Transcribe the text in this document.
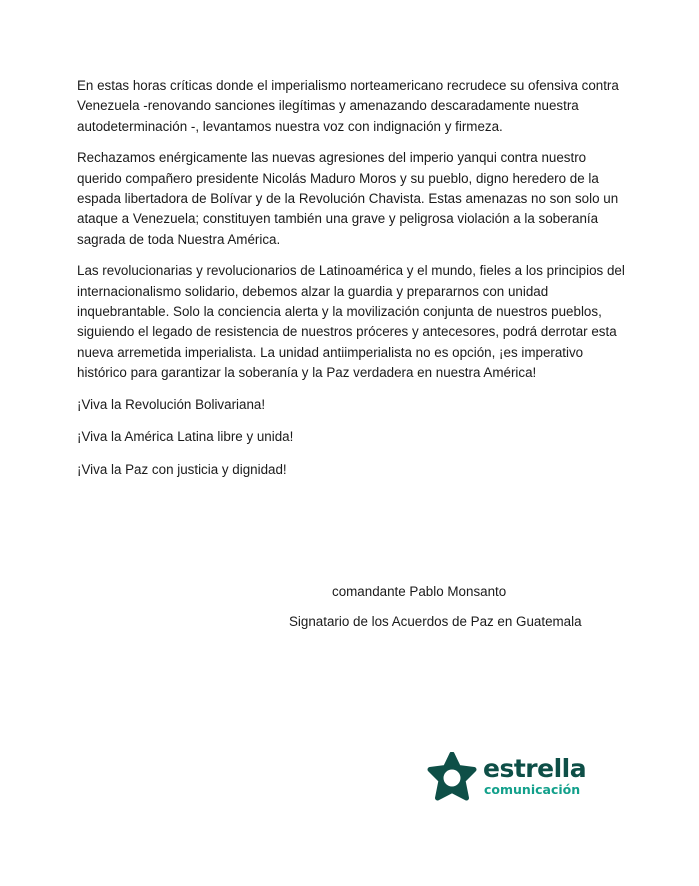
En estas horas críticas donde el imperialismo norteamericano recrudece su ofensiva contra Venezuela -renovando sanciones ilegítimas y amenazando descaradamente nuestra autodeterminación -, levantamos nuestra voz con indignación y firmeza.

Rechazamos enérgicamente las nuevas agresiones del imperio yanqui contra nuestro querido compañero presidente Nicolás Maduro Moros y su pueblo, digno heredero de la espada libertadora de Bolívar y de la Revolución Chavista. Estas amenazas no son solo un ataque a Venezuela; constituyen también una grave y peligrosa violación a la soberanía sagrada de toda Nuestra América.

Las revolucionarias y revolucionarios de Latinoamérica y el mundo, fieles a los principios del internacionalismo solidario, debemos alzar la guardia y prepararnos con unidad inquebrantable. Solo la conciencia alerta y la movilización conjunta de nuestros pueblos, siguiendo el legado de resistencia de nuestros próceres y antecesores, podrá derrotar esta nueva arremetida imperialista. La unidad antiimperialista no es opción, ¡es imperativo histórico para garantizar la soberanía y la Paz verdadera en nuestra América!

¡Viva la Revolución Bolivariana!

¡Viva la América Latina libre y unida!

¡Viva la Paz con justicia y dignidad!

comandante Pablo Monsanto
Signatario de los Acuerdos de Paz en Guatemala
estrella
comunicación
